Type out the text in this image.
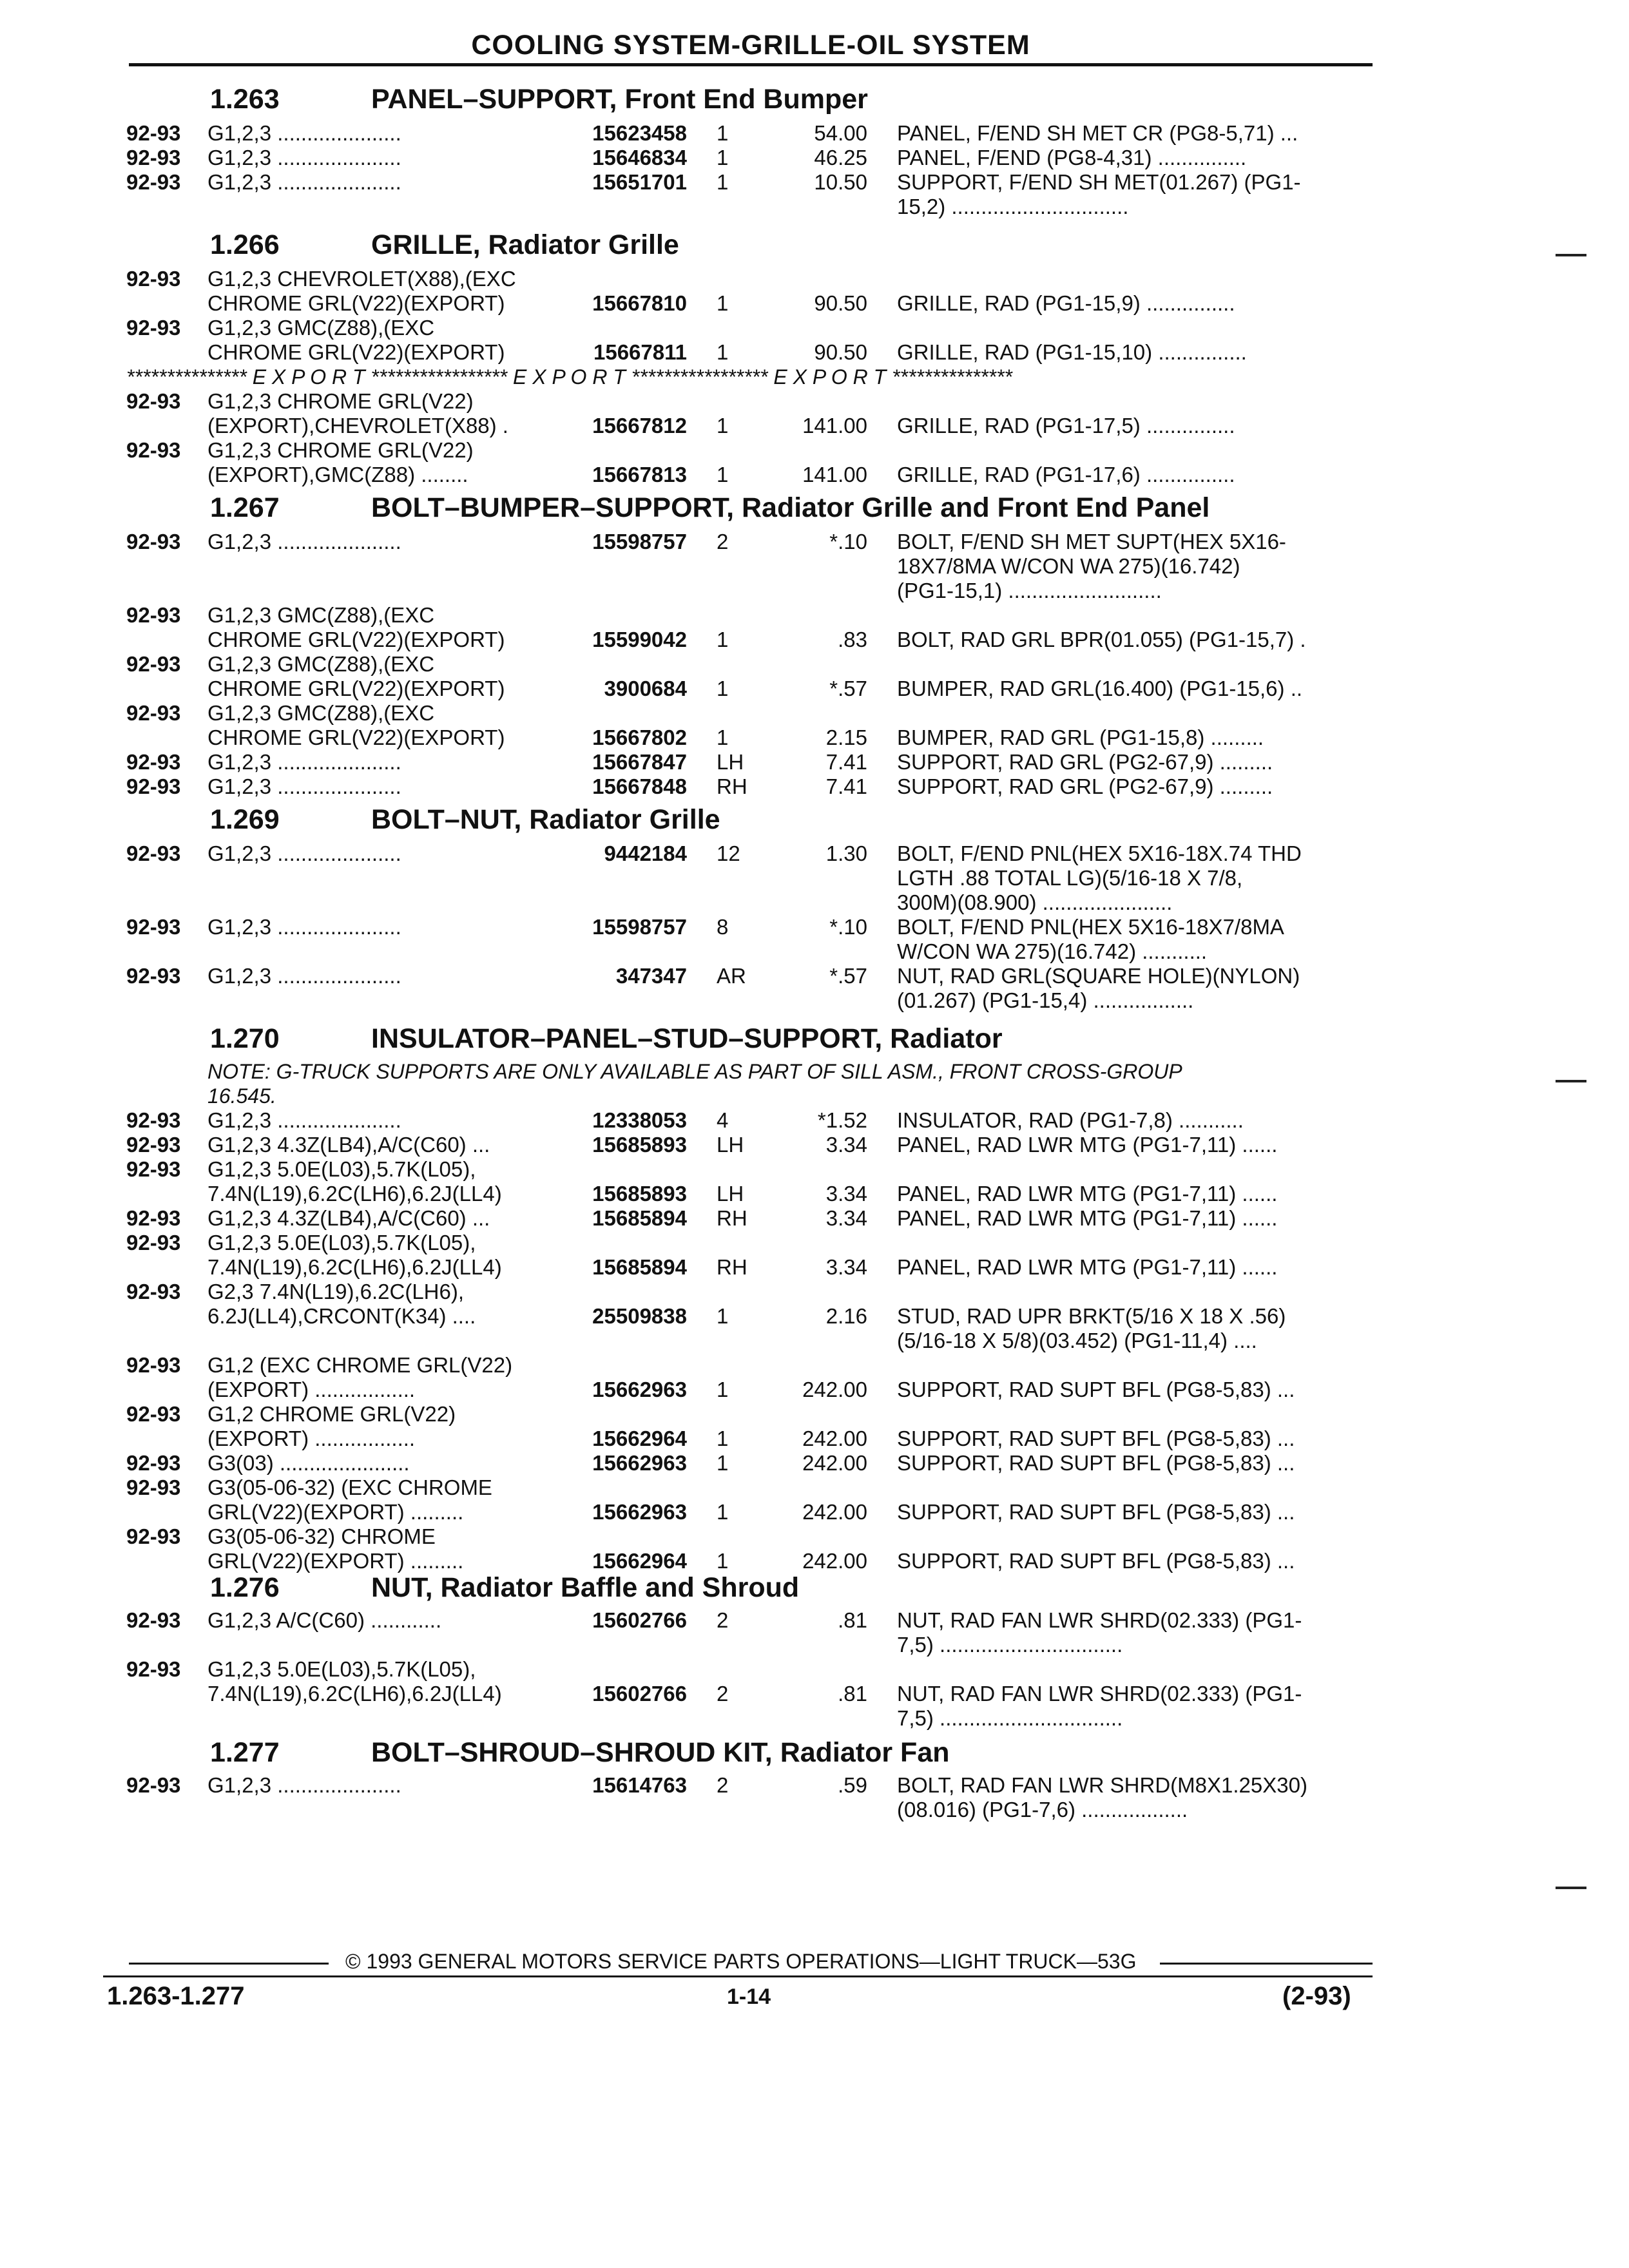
COOLING SYSTEM-GRILLE-OIL SYSTEM
1.263	PANEL–SUPPORT, Front End Bumper
92-93 G1,2,3 .....................	15623458 1	54.00 PANEL, F/END SH MET CR (PG8-5,71) ...
92-93 G1,2,3 .....................	15646834 1	46.25 PANEL, F/END (PG8-4,31) ...............
92-93 G1,2,3 .....................	15651701 1	10.50 SUPPORT, F/END SH MET(01.267) (PG1-
15,2) ..............................
1.266	GRILLE, Radiator Grille
92-93 G1,2,3 CHEVROLET(X88),(EXC
CHROME GRL(V22)(EXPORT)	15667810 1	90.50 GRILLE, RAD (PG1-15,9) ...............
92-93 G1,2,3 GMC(Z88),(EXC
CHROME GRL(V22)(EXPORT)	15667811 1	90.50 GRILLE, RAD (PG1-15,10) ...............
*************** E X P O R T ***************** E X P O R T ***************** E X P O R T ***************
92-93 G1,2,3 CHROME GRL(V22)
(EXPORT),CHEVROLET(X88) .	15667812 1	141.00 GRILLE, RAD (PG1-17,5) ...............
92-93 G1,2,3 CHROME GRL(V22)
(EXPORT),GMC(Z88) ........	15667813 1	141.00 GRILLE, RAD (PG1-17,6) ...............
1.267	BOLT–BUMPER–SUPPORT, Radiator Grille and Front End Panel
92-93 G1,2,3 .....................	15598757 2	*.10 BOLT, F/END SH MET SUPT(HEX 5X16-
18X7/8MA W/CON WA 275)(16.742)
(PG1-15,1) ..........................
92-93 G1,2,3 GMC(Z88),(EXC
CHROME GRL(V22)(EXPORT)	15599042 1	.83 BOLT, RAD GRL BPR(01.055) (PG1-15,7) .
92-93 G1,2,3 GMC(Z88),(EXC
CHROME GRL(V22)(EXPORT)	3900684 1	*.57 BUMPER, RAD GRL(16.400) (PG1-15,6) ..
92-93 G1,2,3 GMC(Z88),(EXC
CHROME GRL(V22)(EXPORT)	15667802 1	2.15 BUMPER, RAD GRL (PG1-15,8) .........
92-93 G1,2,3 .....................	15667847 LH	7.41 SUPPORT, RAD GRL (PG2-67,9) .........
92-93 G1,2,3 .....................	15667848 RH	7.41 SUPPORT, RAD GRL (PG2-67,9) .........
1.269	BOLT–NUT, Radiator Grille
92-93 G1,2,3 .....................	9442184 12	1.30 BOLT, F/END PNL(HEX 5X16-18X.74 THD
LGTH .88 TOTAL LG)(5/16-18 X 7/8,
300M)(08.900) ......................
92-93 G1,2,3 .....................	15598757 8	*.10 BOLT, F/END PNL(HEX 5X16-18X7/8MA
W/CON WA 275)(16.742) ...........
92-93 G1,2,3 .....................	347347 AR	*.57 NUT, RAD GRL(SQUARE HOLE)(NYLON)
(01.267) (PG1-15,4) .................
1.270	INSULATOR–PANEL–STUD–SUPPORT, Radiator
NOTE: G-TRUCK SUPPORTS ARE ONLY AVAILABLE AS PART OF SILL ASM., FRONT CROSS-GROUP
16.545.
92-93 G1,2,3 .....................	12338053 4	*1.52 INSULATOR, RAD (PG1-7,8) ...........
92-93 G1,2,3 4.3Z(LB4),A/C(C60) ...	15685893 LH	3.34 PANEL, RAD LWR MTG (PG1-7,11) ......
92-93 G1,2,3 5.0E(L03),5.7K(L05),
7.4N(L19),6.2C(LH6),6.2J(LL4)	15685893 LH	3.34 PANEL, RAD LWR MTG (PG1-7,11) ......
92-93 G1,2,3 4.3Z(LB4),A/C(C60) ...	15685894 RH	3.34 PANEL, RAD LWR MTG (PG1-7,11) ......
92-93 G1,2,3 5.0E(L03),5.7K(L05),
7.4N(L19),6.2C(LH6),6.2J(LL4)	15685894 RH	3.34 PANEL, RAD LWR MTG (PG1-7,11) ......
92-93 G2,3 7.4N(L19),6.2C(LH6),
6.2J(LL4),CRCONT(K34) ....	25509838 1	2.16 STUD, RAD UPR BRKT(5/16 X 18 X .56)
(5/16-18 X 5/8)(03.452) (PG1-11,4) ....
92-93 G1,2 (EXC CHROME GRL(V22)
(EXPORT) .................	15662963 1	242.00 SUPPORT, RAD SUPT BFL (PG8-5,83) ...
92-93 G1,2 CHROME GRL(V22)
(EXPORT) .................	15662964 1	242.00 SUPPORT, RAD SUPT BFL (PG8-5,83) ...
92-93 G3(03) ......................	15662963 1	242.00 SUPPORT, RAD SUPT BFL (PG8-5,83) ...
92-93 G3(05-06-32) (EXC CHROME
GRL(V22)(EXPORT) .........	15662963 1	242.00 SUPPORT, RAD SUPT BFL (PG8-5,83) ...
92-93 G3(05-06-32) CHROME
GRL(V22)(EXPORT) .........	15662964 1	242.00 SUPPORT, RAD SUPT BFL (PG8-5,83) ...
1.276	NUT, Radiator Baffle and Shroud
92-93 G1,2,3 A/C(C60) ............	15602766 2	.81 NUT, RAD FAN LWR SHRD(02.333) (PG1-
7,5) ...............................
92-93 G1,2,3 5.0E(L03),5.7K(L05),
7.4N(L19),6.2C(LH6),6.2J(LL4)	15602766 2	.81 NUT, RAD FAN LWR SHRD(02.333) (PG1-
7,5) ...............................
1.277	BOLT–SHROUD–SHROUD KIT, Radiator Fan
92-93 G1,2,3 .....................	15614763 2	.59 BOLT, RAD FAN LWR SHRD(M8X1.25X30)
(08.016) (PG1-7,6) ..................
© 1993 GENERAL MOTORS SERVICE PARTS OPERATIONS—LIGHT TRUCK—53G
1.263-1.277	1-14	(2-93)
